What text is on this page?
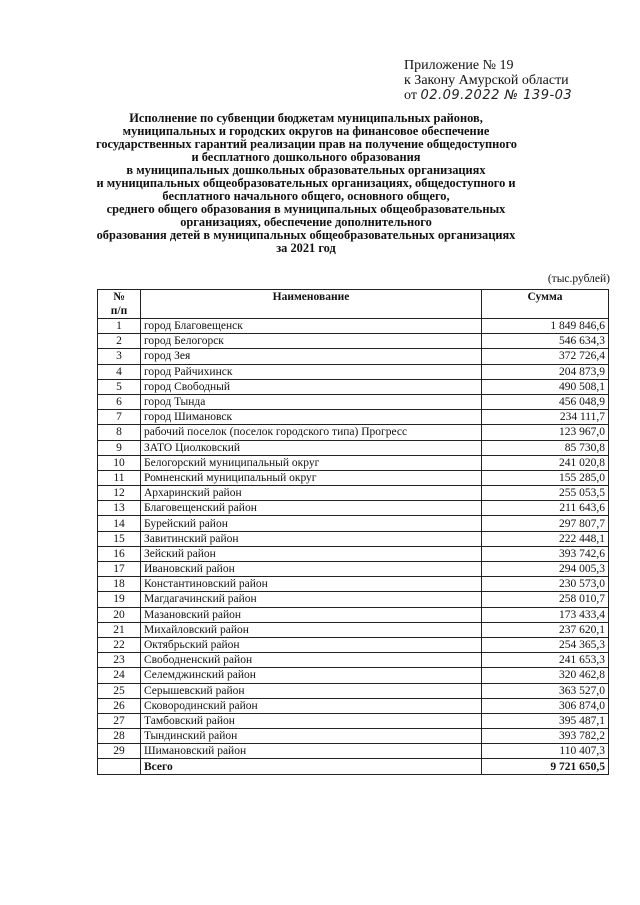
Приложение № 19
к Закону Амурской области
от 02.09.2022 № 139-03
Исполнение по субвенции бюджетам муниципальных районов,
муниципальных и городских округов на финансовое обеспечение
государственных гарантий реализации прав на получение общедоступного
и бесплатного дошкольного образования
в муниципальных дошкольных образовательных организациях
и муниципальных общеобразовательных организациях, общедоступного и
бесплатного начального общего, основного общего,
среднего общего образования в муниципальных общеобразовательных
организациях, обеспечение дополнительного
образования детей в муниципальных общеобразовательных организациях
за 2021 год
(тыс.рублей)
№
п/п	Наименование	Сумма
1	город Благовещенск	1 849 846,6
2	город Белогорск	546 634,3
3	город Зея	372 726,4
4	город Райчихинск	204 873,9
5	город Свободный	490 508,1
6	город Тында	456 048,9
7	город Шимановск	234 111,7
8	рабочий поселок (поселок городского типа) Прогресс	123 967,0
9	ЗАТО Циолковский	85 730,8
10	Белогорский муниципальный округ	241 020,8
11	Ромненский муниципальный округ	155 285,0
12	Архаринский район	255 053,5
13	Благовещенский район	211 643,6
14	Бурейский район	297 807,7
15	Завитинский район	222 448,1
16	Зейский район	393 742,6
17	Ивановский район	294 005,3
18	Константиновский район	230 573,0
19	Магдагачинский район	258 010,7
20	Мазановский район	173 433,4
21	Михайловский район	237 620,1
22	Октябрьский район	254 365,3
23	Свободненский район	241 653,3
24	Селемджинский район	320 462,8
25	Серышевский район	363 527,0
26	Сковородинский район	306 874,0
27	Тамбовский район	395 487,1
28	Тындинский район	393 782,2
29	Шимановский район	110 407,3
	Всего	9 721 650,5
